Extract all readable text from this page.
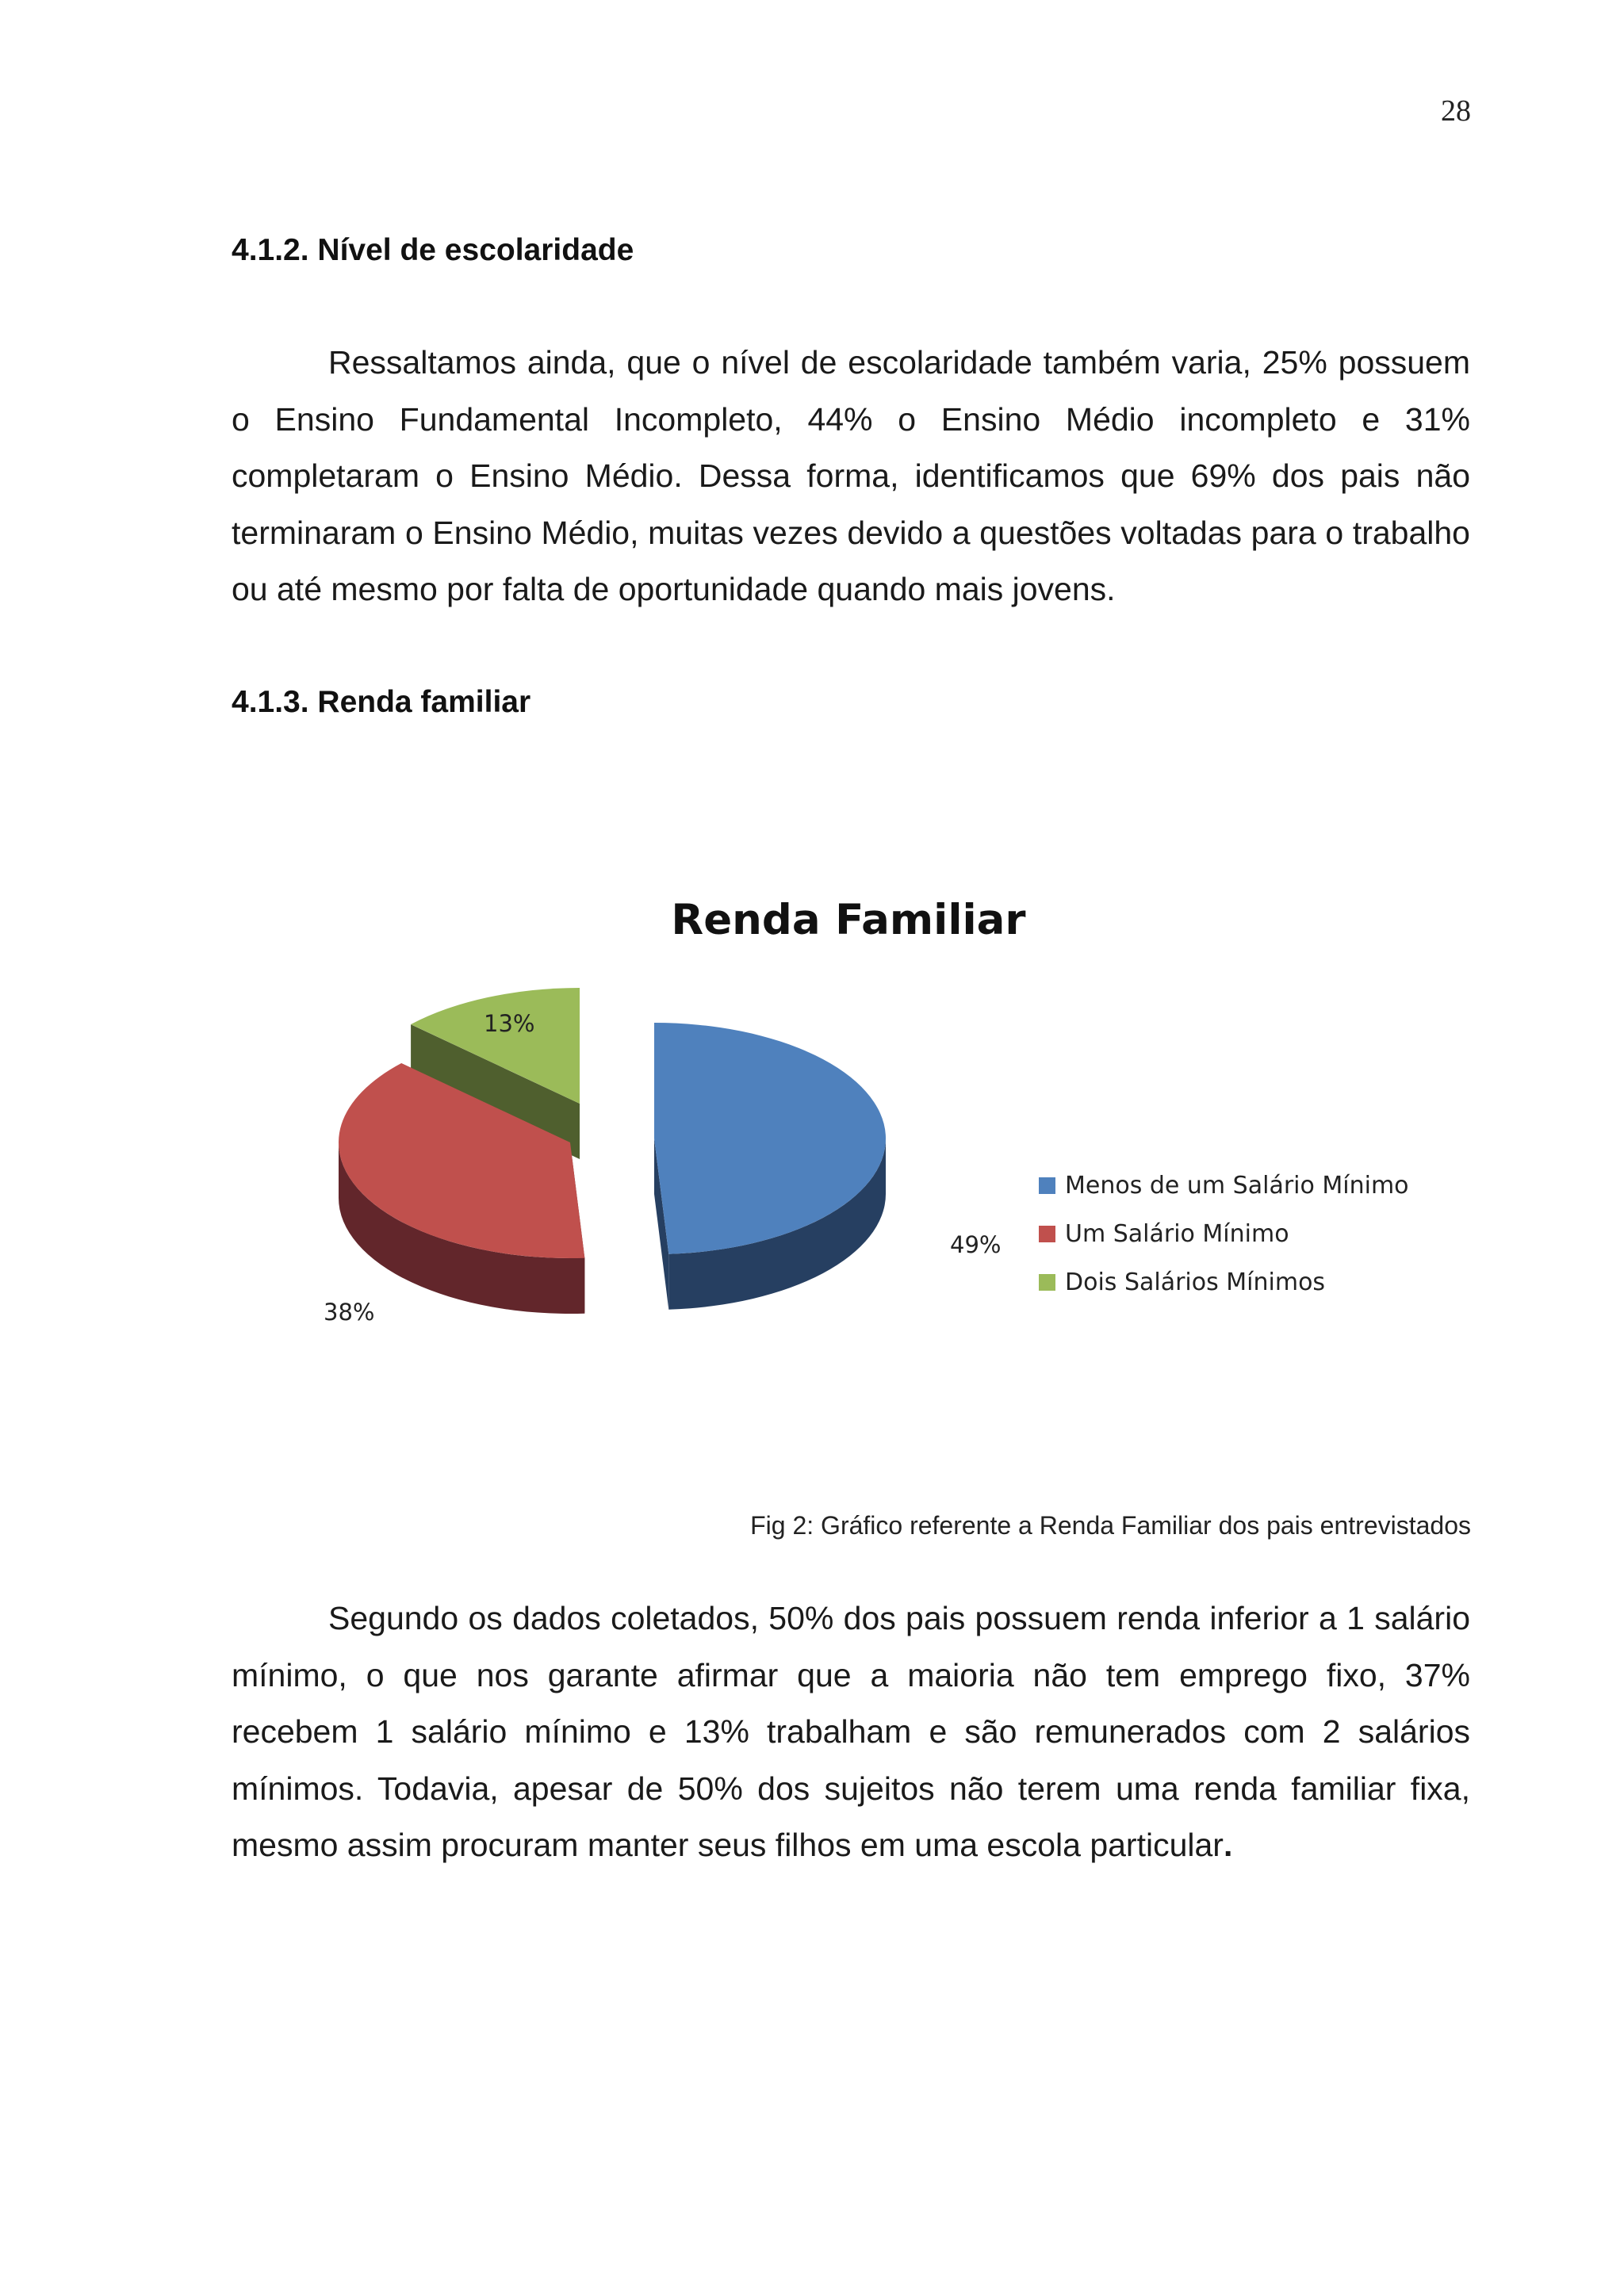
28
4.1.2. Nível de escolaridade

Ressaltamos ainda, que o nível de escolaridade também varia, 25% possuem o Ensino Fundamental Incompleto, 44% o Ensino Médio incompleto e 31% completaram o Ensino Médio. Dessa forma, identificamos que 69% dos pais não terminaram o Ensino Médio, muitas vezes devido a questões voltadas para o trabalho ou até mesmo por falta de oportunidade quando mais jovens.

4.1.3. Renda familiar
Renda Familiar
49%
38%
13%
Menos de um Salário Mínimo
Um Salário Mínimo
Dois Salários Mínimos
Fig 2: Gráfico referente a Renda Familiar dos pais entrevistados

Segundo os dados coletados, 50% dos pais possuem renda inferior a 1 salário mínimo, o que nos garante afirmar que a maioria não tem emprego fixo, 37% recebem 1 salário mínimo e 13% trabalham e são remunerados com 2 salários mínimos. Todavia, apesar de 50% dos sujeitos não terem uma renda familiar fixa, mesmo assim procuram manter seus filhos em uma escola particular.
